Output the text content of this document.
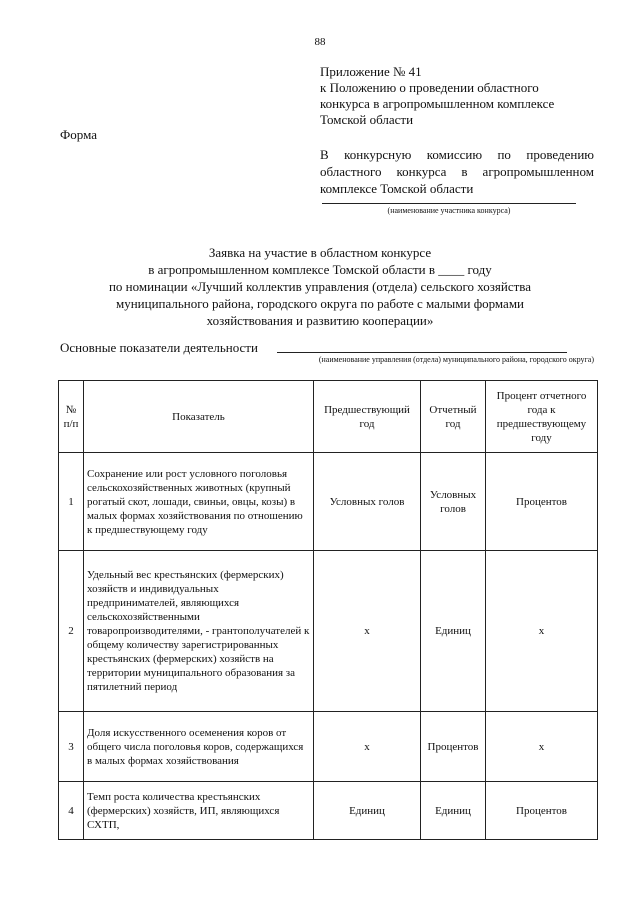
88
Приложение № 41
к Положению о проведении областного
конкурса в агропромышленном комплексе
Томской области
Форма
В конкурсную комиссию по проведению областного конкурса в агропромышленном комплексе Томской области
(наименование участника конкурса)
Заявка на участие в областном конкурсе
в агропромышленном комплексе Томской области в ____ году
по номинации «Лучший коллектив управления (отдела) сельского хозяйства
муниципального района, городского округа по работе с малыми формами
хозяйствования и развитию кооперации»
Основные показатели деятельности
(наименование управления (отдела) муниципального района, городского округа)
№ п/п	Показатель	Предшествующий год	Отчетный год	Процент отчетного года к предшествующему году
1	Сохранение или рост условного поголовья сельскохозяйственных животных (крупный рогатый скот, лошади, свиньи, овцы, козы) в малых формах хозяйствования по отношению к предшествующему году	Условных голов	Условных голов	Процентов
2	Удельный вес крестьянских (фермерских) хозяйств и индивидуальных предпринимателей, являющихся сельскохозяйственными товаропроизводителями, - грантополучателей к общему количеству зарегистрированных крестьянских (фермерских) хозяйств на территории муниципального образования за пятилетний период	х	Единиц	х
3	Доля искусственного осеменения коров от общего числа поголовья коров, содержащихся в малых формах хозяйствования	х	Процентов	х
4	Темп роста количества крестьянских (фермерских) хозяйств, ИП, являющихся СХТП,	Единиц	Единиц	Процентов
